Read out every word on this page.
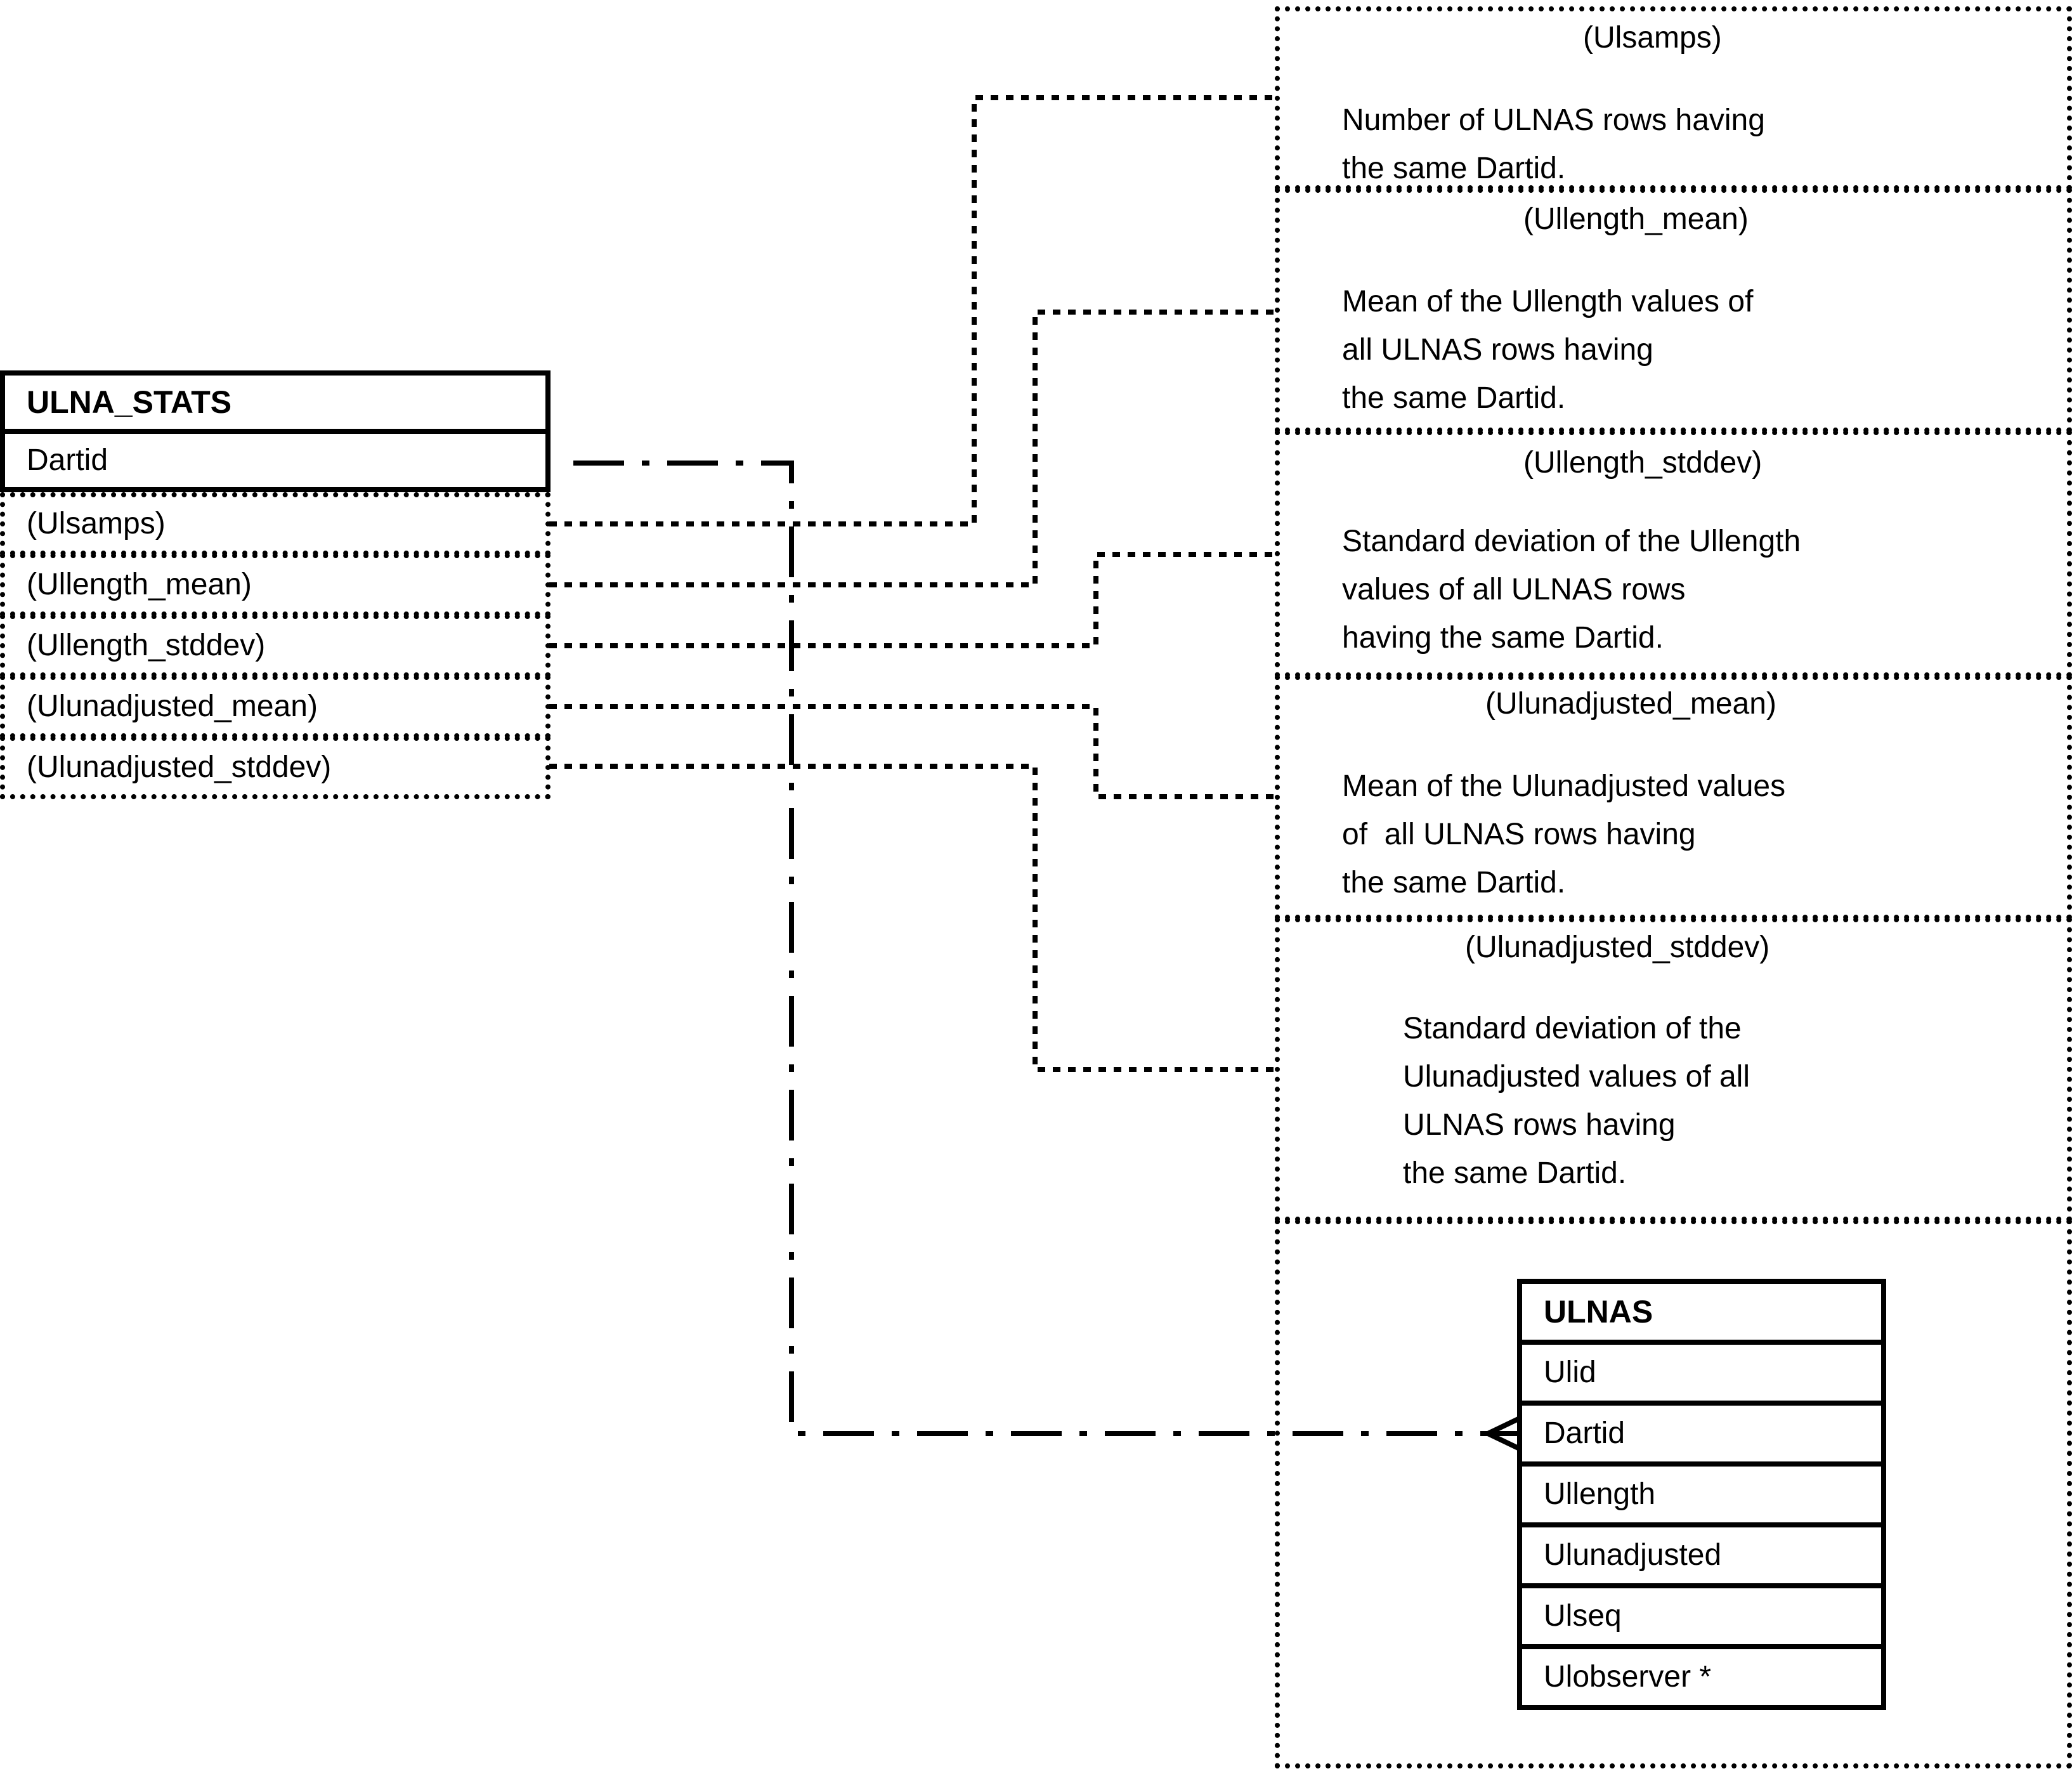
ULNA_STATS
Dartid
(Ulsamps)
(Ullength_mean)
(Ullength_stddev)
(Ulunadjusted_mean)
(Ulunadjusted_stddev)
(Ulsamps)
Number of ULNAS rows having
the same Dartid.
(Ullength_mean)
Mean of the Ullength values of
all ULNAS rows having
the same Dartid.
(Ullength_stddev)
Standard deviation of the Ullength
values of all ULNAS rows
having the same Dartid.
(Ulunadjusted_mean)
Mean of the Ulunadjusted values
of  all ULNAS rows having
the same Dartid.
(Ulunadjusted_stddev)
Standard deviation of the
Ulunadjusted values of all
ULNAS rows having
the same Dartid.
ULNAS
Ulid
Dartid
Ullength
Ulunadjusted
Ulseq
Ulobserver *
